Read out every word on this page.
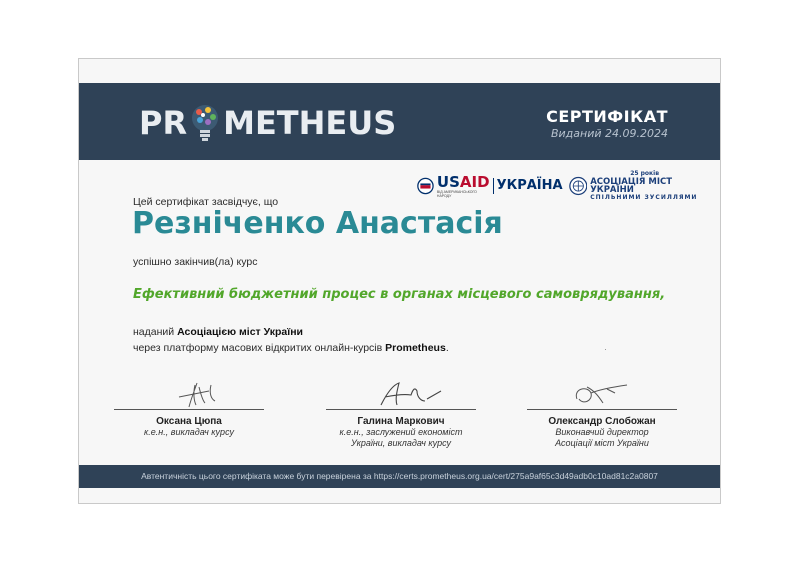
PR METHEUS	СЕРТИФІКАТ
Виданий 24.09.2024
USAID
ВІД АМЕРИКАНСЬКОГО НАРОДУ
УКРАЇНА
25 років
АСОЦІАЦІЯ МІСТ УКРАЇНИ
СПІЛЬНИМИ ЗУСИЛЛЯМИ
Цей сертифікат засвідчує, що
Резніченко Анастасія
успішно закінчив(ла) курс
Ефективний бюджетний процес в органах місцевого самоврядування,
наданий Асоціацією міст України
через платформу масових відкритих онлайн-курсів Prometheus.
Оксана Цюпа
к.е.н., викладач курсу
Галина Маркович
к.е.н., заслужений економіст
України, викладач курсу
Олександр Слобожан
Виконавчий директор
Асоціації міст України
Автентичність цього сертифіката може бути перевірена за https://certs.prometheus.org.ua/cert/275a9af65c3d49adb0c10ad81c2a0807
